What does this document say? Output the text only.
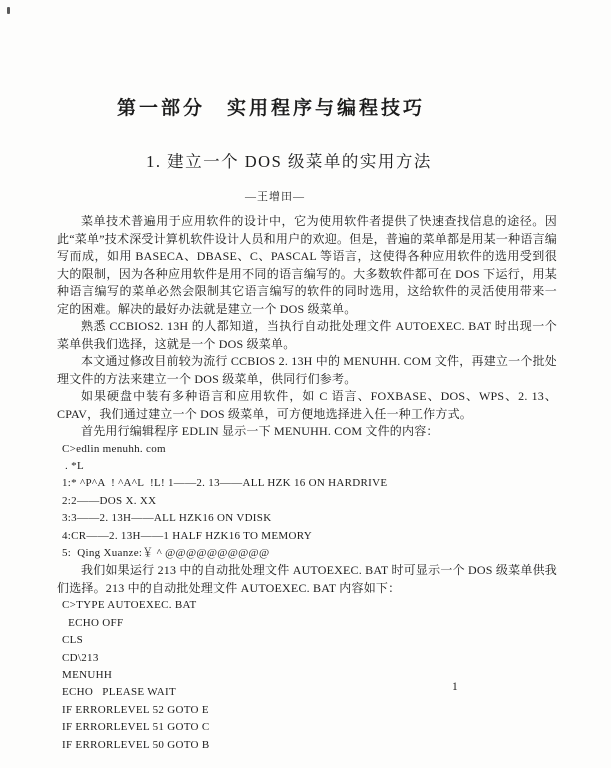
第一部分　实用程序与编程技巧
1. 建立一个 DOS 级菜单的实用方法
—王增田—

菜单技术普遍用于应用软件的设计中，它为使用软件者提供了快速查找信息的途径。因此“菜单”技术深受计算机软件设计人员和用户的欢迎。但是，普遍的菜单都是用某一种语言编写而成，如用 BASECA、DBASE、C、PASCAL 等语言，这使得各种应用软件的选用受到很大的限制，因为各种应用软件是用不同的语言编写的。大多数软件都可在 DOS 下运行，用某种语言编写的菜单必然会限制其它语言编写的软件的同时选用，这给软件的灵活使用带来一定的困难。解决的最好办法就是建立一个 DOS 级菜单。

熟悉 CCBIOS2. 13H 的人都知道，当执行自动批处理文件 AUTOEXEC. BAT 时出现一个菜单供我们选择，这就是一个 DOS 级菜单。

本文通过修改目前较为流行 CCBIOS 2. 13H 中的 MENUHH. COM 文件，再建立一个批处理文件的方法来建立一个 DOS 级菜单，供同行们参考。

如果硬盘中装有多种语言和应用软件，如 C 语言、FOXBASE、DOS、WPS、2. 13、CPAV，我们通过建立一个 DOS 级菜单，可方便地选择进入任一种工作方式。

首先用行编辑程序 EDLIN 显示一下 MENUHH. COM 文件的内容：

C>edlin menuhh. com
. *L
1:* ^P^A  ! ^A^L  !L! 1——2. 13——ALL HZK 16 ON HARDRIVE
2:2——DOS X. XX
3:3——2. 13H——ALL HZK16 ON VDISK
4:CR——2. 13H——1 HALF HZK16 TO MEMORY
5:  Qing Xuanze:￥ ^ @@@@@@@@@@

我们如果运行 213 中的自动批处理文件 AUTOEXEC. BAT 时可显示一个 DOS 级菜单供我们选择。213 中的自动批处理文件 AUTOEXEC. BAT 内容如下：

C>TYPE AUTOEXEC. BAT
ECHO OFF
CLS
CD\213
MENUHH
ECHO   PLEASE WAIT
IF ERRORLEVEL 52 GOTO E
IF ERRORLEVEL 51 GOTO C
IF ERRORLEVEL 50 GOTO B
1
